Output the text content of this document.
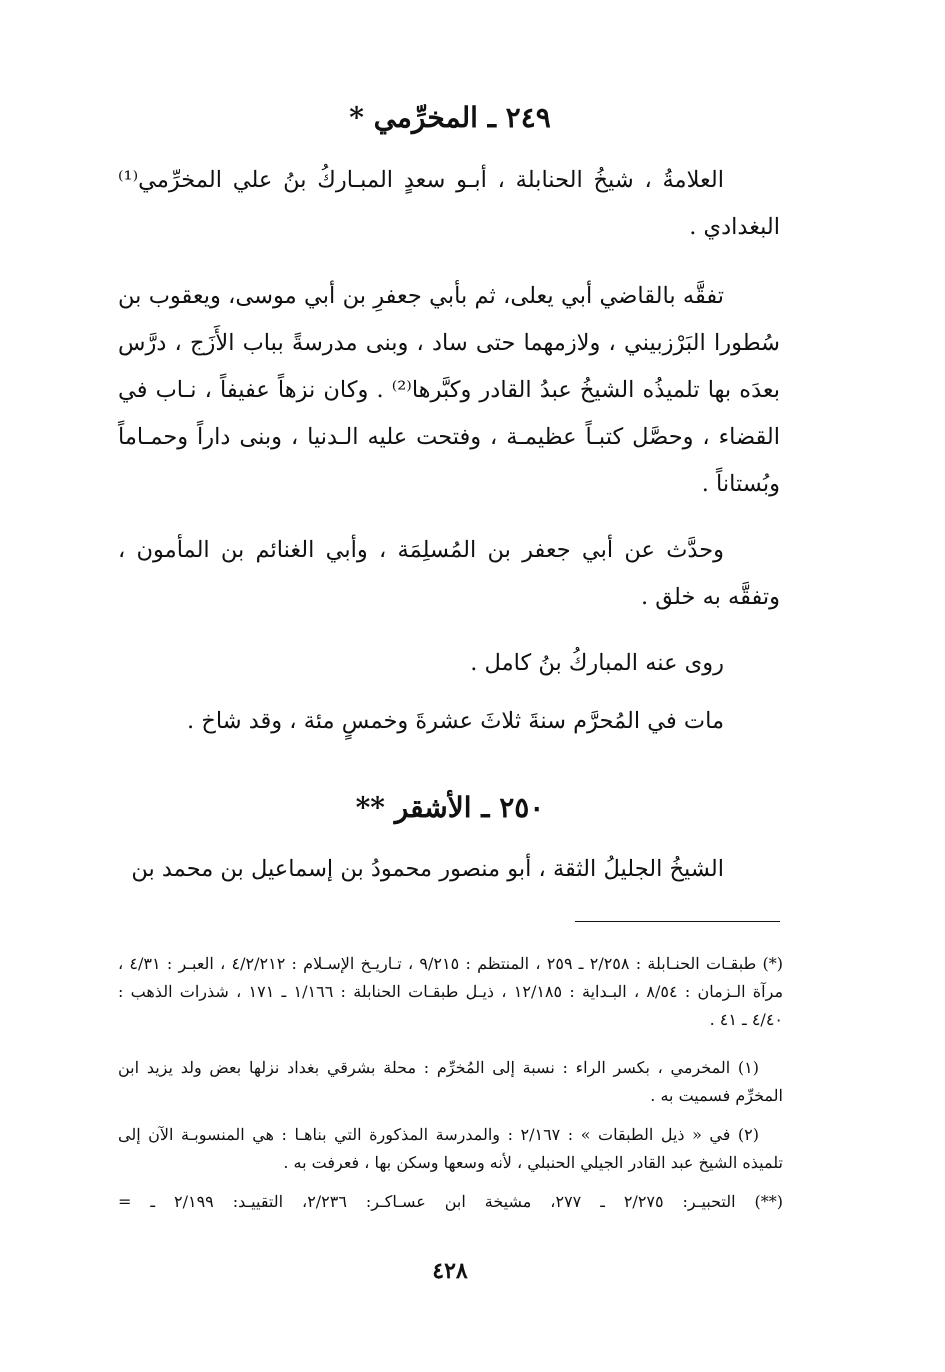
٢٤٩ ـ المخرِّمي *

العلامةُ ، شيخُ الحنابلة ، أبـو سعدٍ المبـاركُ بنُ علي المخرِّمي⁽¹⁾ البغدادي .

تفقَّه بالقاضي أبي يعلى، ثم بأبي جعفرِ بن أبي موسى، ويعقوب بن سُطورا البَرْزبيني ، ولازمهما حتى ساد ، وبنى مدرسةً بباب الأَزَج ، درَّس بعدَه بها تلميذُه الشيخُ عبدُ القادر وكبَّرها⁽²⁾ . وكان نزهاً عفيفاً ، نـاب في القضاء ، وحصَّل كتبـاً عظيمـة ، وفتحت عليه الـدنيا ، وبنى داراً وحمـاماً وبُستاناً .

وحدَّث عن أبي جعفر بن المُسلِمَة ، وأبي الغنائم بن المأمون ، وتفقَّه به خلق .

روى عنه المباركُ بنُ كامل .

مات في المُحرَّم سنةَ ثلاثَ عشرةَ وخمسٍ مئة ، وقد شاخ .

٢٥٠ ـ الأشقر **

الشيخُ الجليلُ الثقة ، أبو منصور محمودُ بن إسماعيل بن محمد بن

(*) طبقـات الحنـابلة : ٢/٢٥٨ ـ ٢٥٩ ، المنتظم : ٩/٢١٥ ، تـاريـخ الإسـلام : ٤/٢/٢١٢ ، العبـر : ٤/٣١ ، مرآة الـزمان : ٨/٥٤ ، البـداية : ١٢/١٨٥ ، ذيـل طبقـات الحنابلة : ١/١٦٦ ـ ١٧١ ، شذرات الذهب : ٤/٤٠ ـ ٤١ .

(١) المخرمي ، بكسر الراء : نسبة إلى المُخرِّم : محلة بشرقي بغداد نزلها بعض ولد يزيد ابن المخرِّم فسميت به .

(٢) في « ذيل الطبقات » : ٢/١٦٧ : والمدرسة المذكورة التي بناهـا : هي المنسوبـة الآن إلى تلميذه الشيخ عبد القادر الجيلي الحنبلي ، لأنه وسعها وسكن بها ، فعرفت به .

(**) التحبيـر: ٢/٢٧٥ ـ ٢٧٧، مشيخة ابن عسـاكـر: ٢/٢٣٦، التقييـد: ٢/١٩٩ ـ =

٤٢٨
